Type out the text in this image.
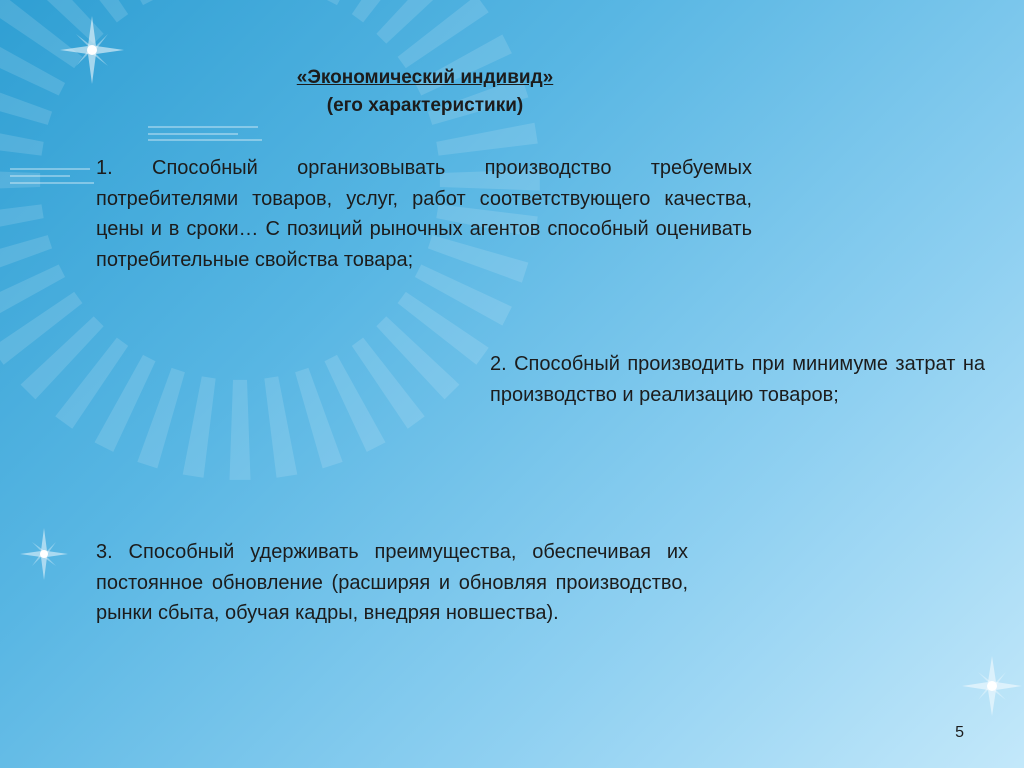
«Экономический индивид»
(его характеристики)
1. Способный организовывать производство требуемых потребителями товаров, услуг, работ соответствующего качества, цены и в сроки… С позиций рыночных агентов способный оценивать потребительные свойства товара;
2. Способный производить при минимуме затрат на производство и реализацию товаров;
3. Способный удерживать преимущества, обеспечивая их постоянное обновление (расширяя и обновляя производство, рынки сбыта, обучая кадры, внедряя новшества).
5
